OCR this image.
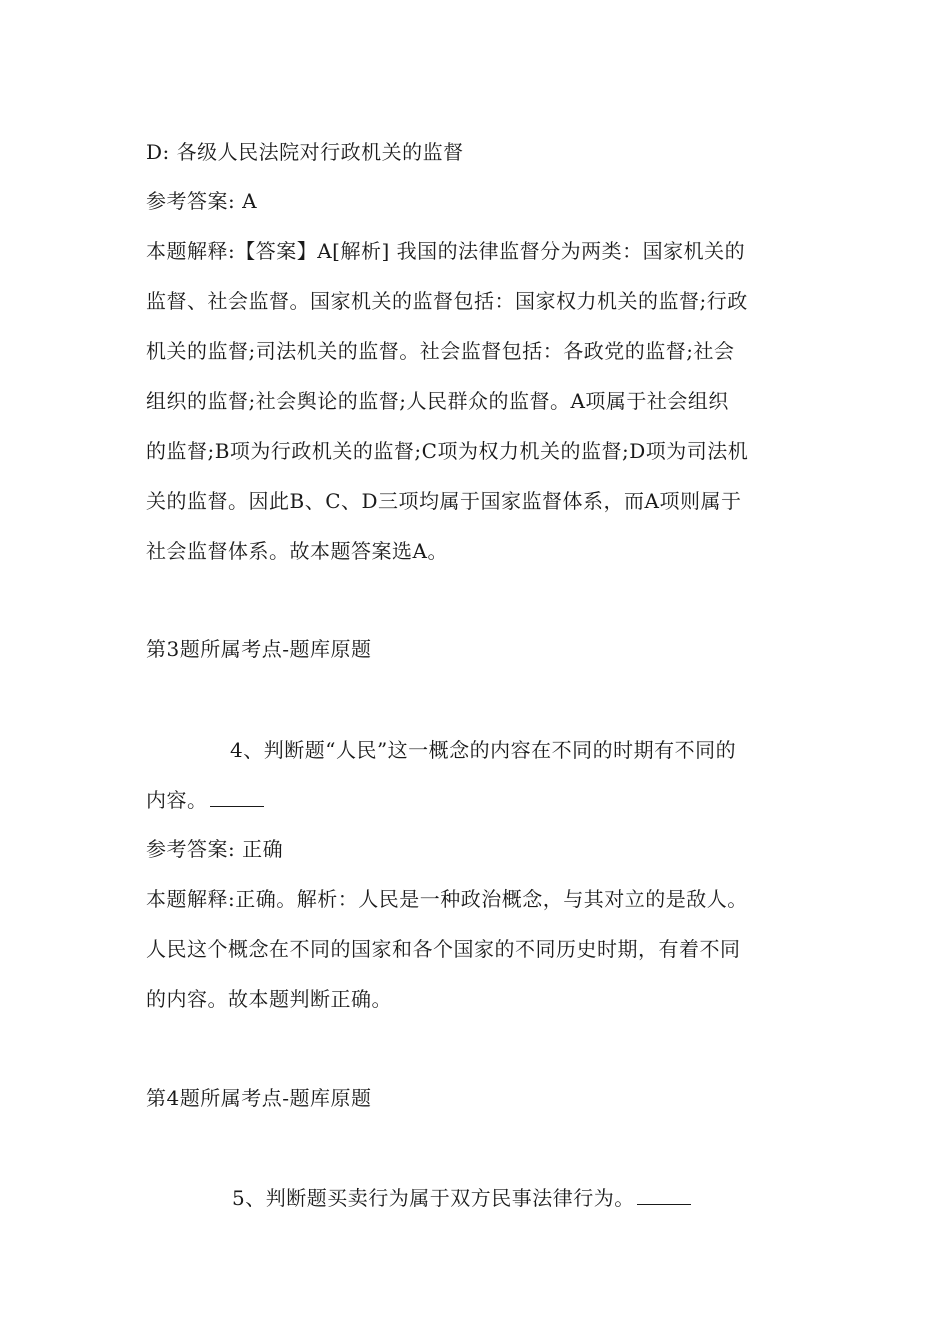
D: 各级人民法院对行政机关的监督
参考答案: A
本题解释:【答案】A[解析] 我国的法律监督分为两类：国家机关的
监督、社会监督。国家机关的监督包括：国家权力机关的监督;行政
机关的监督;司法机关的监督。社会监督包括：各政党的监督;社会
组织的监督;社会舆论的监督;人民群众的监督。A项属于社会组织
的监督;B项为行政机关的监督;C项为权力机关的监督;D项为司法机
关的监督。因此B、C、D三项均属于国家监督体系，而A项则属于
社会监督体系。故本题答案选A。
第3题所属考点-题库原题
4、判断题“人民”这一概念的内容在不同的时期有不同的
内容。
参考答案: 正确
本题解释:正确。解析：人民是一种政治概念，与其对立的是敌人。
人民这个概念在不同的国家和各个国家的不同历史时期，有着不同
的内容。故本题判断正确。
第4题所属考点-题库原题
5、判断题买卖行为属于双方民事法律行为。
